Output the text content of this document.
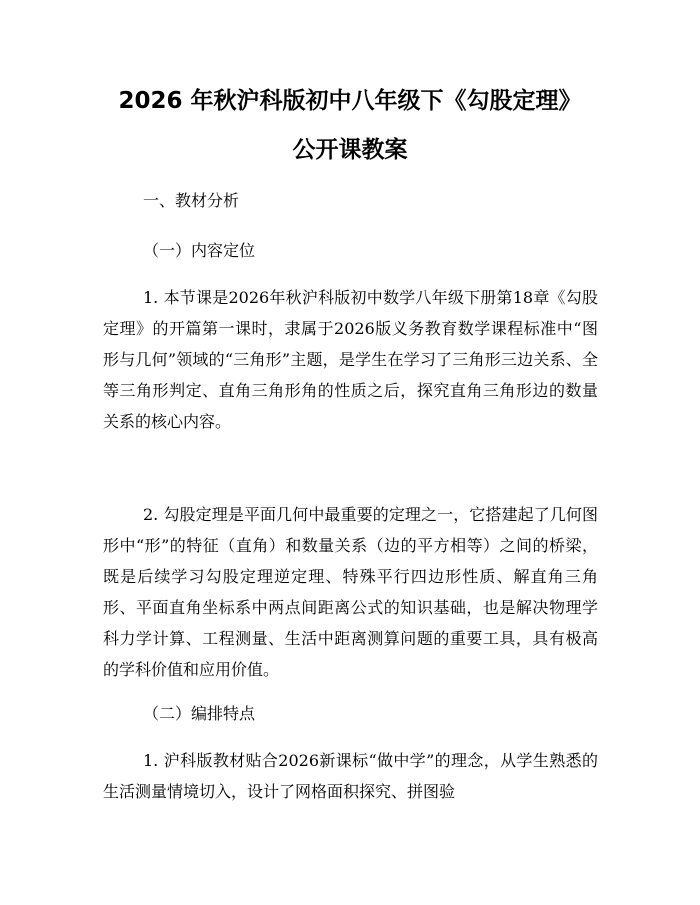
2026 年秋沪科版初中八年级下《勾股定理》
公开课教案

一、教材分析

（一）内容定位

1. 本节课是2026年秋沪科版初中数学八年级下册第18章《勾股定理》的开篇第一课时，隶属于2026版义务教育数学课程标准中“图形与几何”领域的“三角形”主题，是学生在学习了三角形三边关系、全等三角形判定、直角三角形角的性质之后，探究直角三角形边的数量关系的核心内容。

2. 勾股定理是平面几何中最重要的定理之一，它搭建起了几何图形中“形”的特征（直角）和数量关系（边的平方相等）之间的桥梁，既是后续学习勾股定理逆定理、特殊平行四边形性质、解直角三角形、平面直角坐标系中两点间距离公式的知识基础，也是解决物理学科力学计算、工程测量、生活中距离测算问题的重要工具，具有极高的学科价值和应用价值。

（二）编排特点

1. 沪科版教材贴合2026新课标“做中学”的理念，从学生熟悉的生活测量情境切入，设计了网格面积探究、拼图验
